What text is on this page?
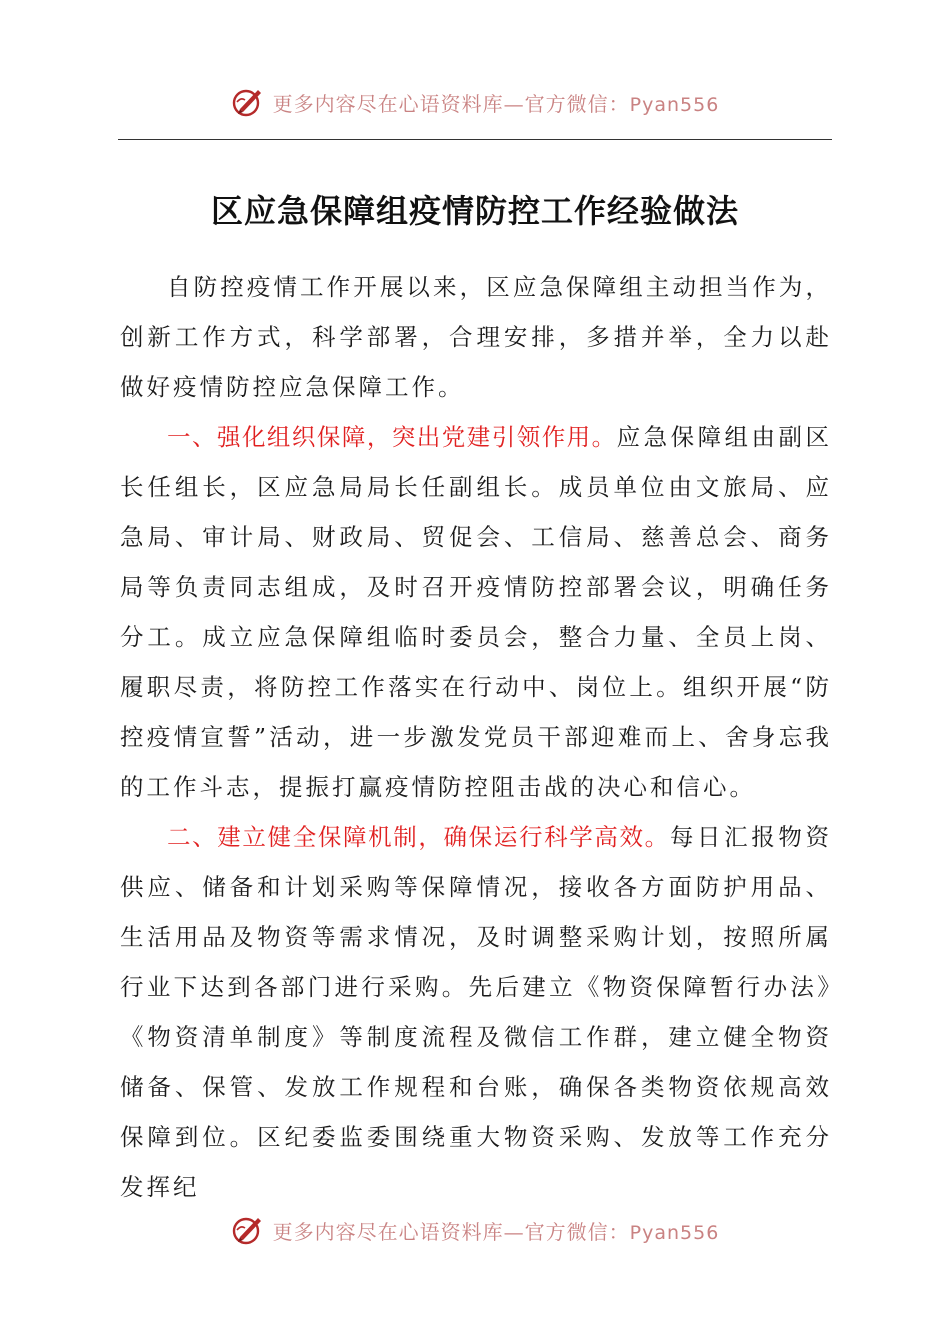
更多内容尽在心语资料库—官方微信：Pyan556
区应急保障组疫情防控工作经验做法

自防控疫情工作开展以来，区应急保障组主动担当作为，创新工作方式，科学部署，合理安排，多措并举，全力以赴做好疫情防控应急保障工作。

一、强化组织保障，突出党建引领作用。应急保障组由副区长任组长，区应急局局长任副组长。成员单位由文旅局、应急局、审计局、财政局、贸促会、工信局、慈善总会、商务局等负责同志组成，及时召开疫情防控部署会议，明确任务分工。成立应急保障组临时委员会，整合力量、全员上岗、履职尽责，将防控工作落实在行动中、岗位上。组织开展“防控疫情宣誓”活动，进一步激发党员干部迎难而上、舍身忘我的工作斗志，提振打赢疫情防控阻击战的决心和信心。

二、建立健全保障机制，确保运行科学高效。每日汇报物资供应、储备和计划采购等保障情况，接收各方面防护用品、生活用品及物资等需求情况，及时调整采购计划，按照所属行业下达到各部门进行采购。先后建立《物资保障暂行办法》《物资清单制度》等制度流程及微信工作群，建立健全物资储备、保管、发放工作规程和台账，确保各类物资依规高效保障到位。区纪委监委围绕重大物资采购、发放等工作充分发挥纪

更多内容尽在心语资料库—官方微信：Pyan556
